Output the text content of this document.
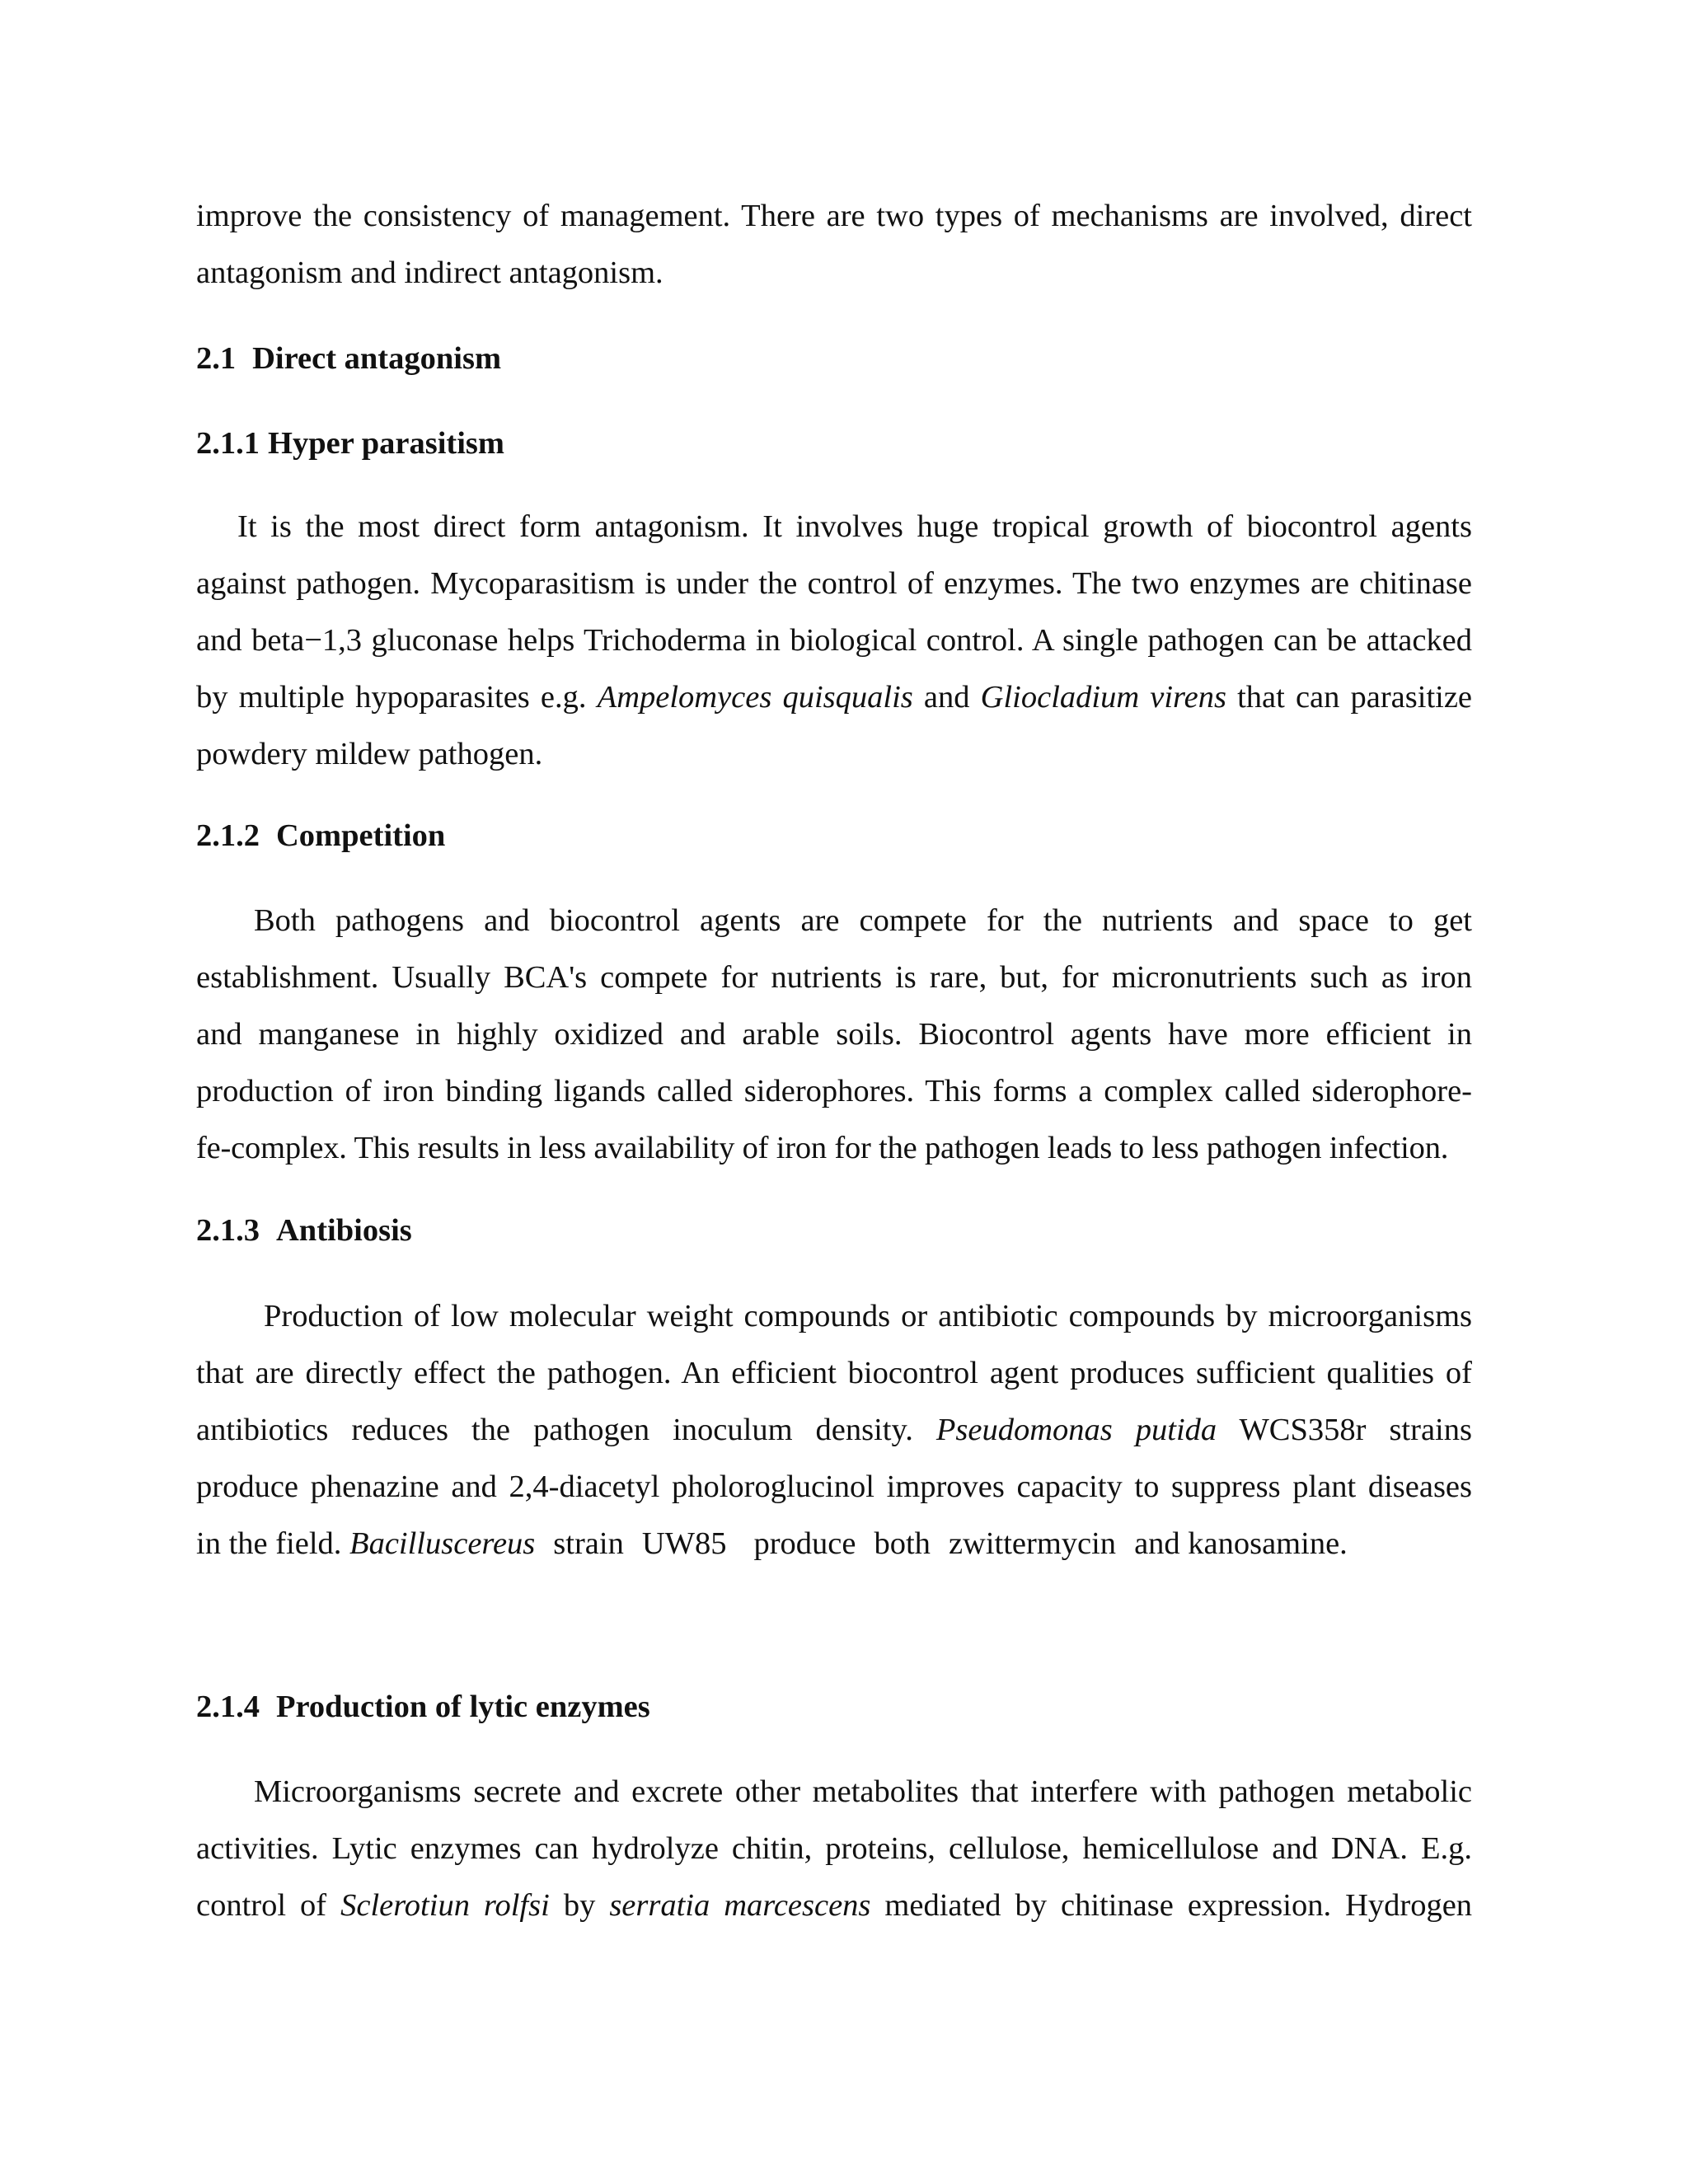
improve the consistency of management. There are two types of mechanisms are involved, direct
antagonism and indirect antagonism.
2.1 Direct antagonism
2.1.1 Hyper parasitism
It is the most direct form antagonism. It involves huge tropical growth of biocontrol agents
against pathogen. Mycoparasitism is under the control of enzymes. The two enzymes are chitinase
and beta−1,3 gluconase helps Trichoderma in biological control. A single pathogen can be attacked
by multiple hypoparasites e.g. Ampelomyces quisqualis and Gliocladium virens that can parasitize
powdery mildew pathogen.
2.1.2 Competition
Both pathogens and biocontrol agents are compete for the nutrients and space to get
establishment. Usually BCA's compete for nutrients is rare, but, for micronutrients such as iron
and manganese in highly oxidized and arable soils. Biocontrol agents have more efficient in
production of iron binding ligands called siderophores. This forms a complex called siderophore-
fe-complex. This results in less availability of iron for the pathogen leads to less pathogen infection.
2.1.3 Antibiosis
Production of low molecular weight compounds or antibiotic compounds by microorganisms
that are directly effect the pathogen. An efficient biocontrol agent produces sufficient qualities of
antibiotics reduces the pathogen inoculum density. Pseudomonas putida WCS358r strains
produce phenazine and 2,4-diacetyl pholoroglucinol improves capacity to suppress plant diseases
in the field. Bacilluscereus strain UW85 produce both zwittermycin and kanosamine.
2.1.4 Production of lytic enzymes
Microorganisms secrete and excrete other metabolites that interfere with pathogen metabolic
activities. Lytic enzymes can hydrolyze chitin, proteins, cellulose, hemicellulose and DNA. E.g.
control of Sclerotiun rolfsi by serratia marcescens mediated by chitinase expression. Hydrogen
